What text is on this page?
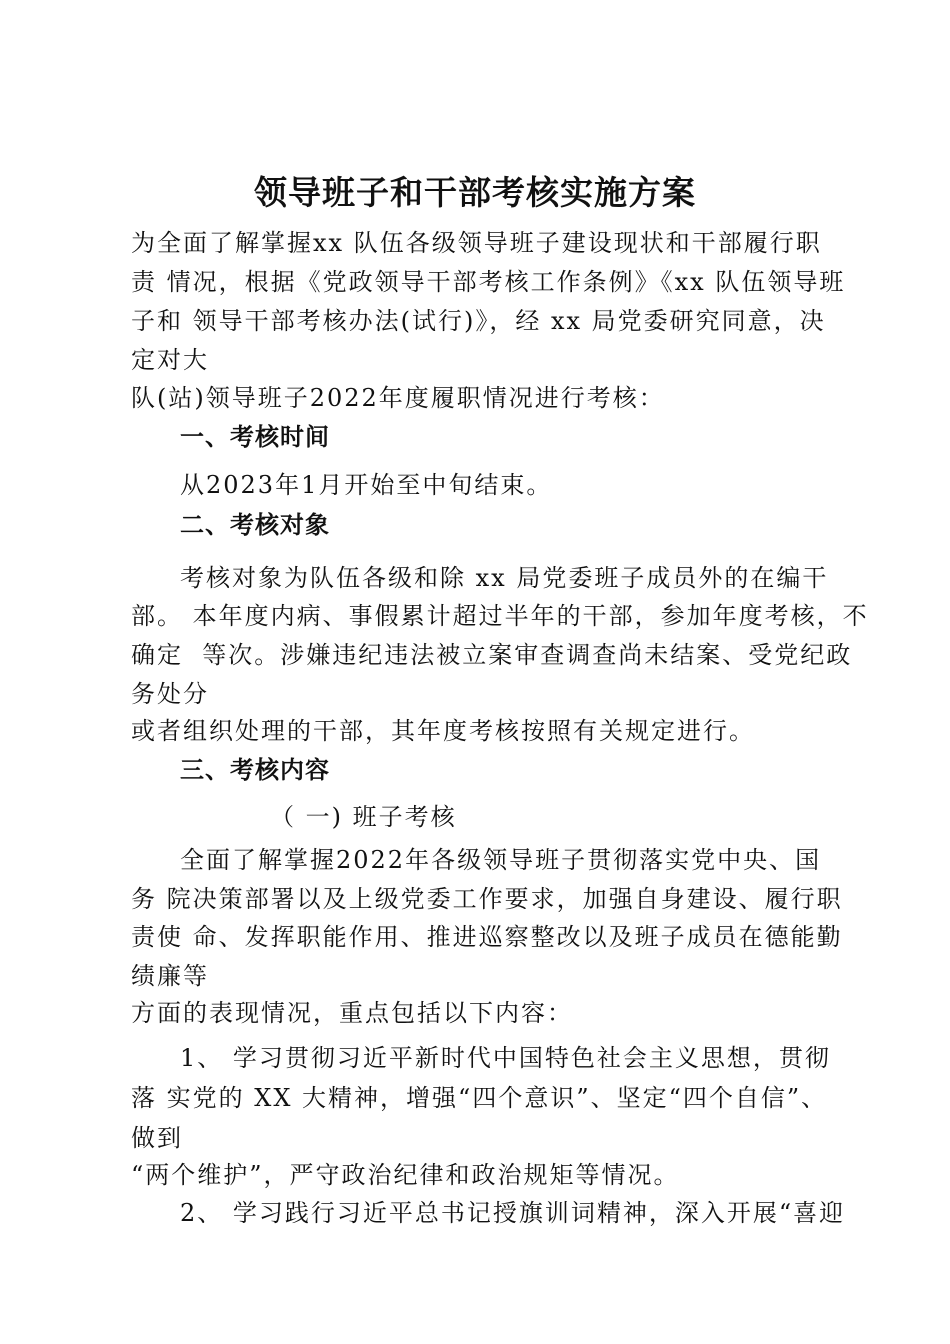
领导班子和干部考核实施方案
为全面了解掌握xx 队伍各级领导班子建设现状和干部履行职
责 情况，根据《党政领导干部考核工作条例》《xx 队伍领导班
子和 领导干部考核办法(试行)》，经 xx 局党委研究同意，决
定对大
队(站)领导班子2022年度履职情况进行考核：
一、考核时间
从2023年1月开始至中旬结束。
二、考核对象
考核对象为队伍各级和除 xx 局党委班子成员外的在编干
部。 本年度内病、事假累计超过半年的干部，参加年度考核，不
确定  等次。涉嫌违纪违法被立案审查调查尚未结案、受党纪政
务处分
或者组织处理的干部，其年度考核按照有关规定进行。
三、考核内容
（ 一) 班子考核
全面了解掌握2022年各级领导班子贯彻落实党中央、国
务 院决策部署以及上级党委工作要求，加强自身建设、履行职
责使 命、发挥职能作用、推进巡察整改以及班子成员在德能勤
绩廉等
方面的表现情况，重点包括以下内容：
1、 学习贯彻习近平新时代中国特色社会主义思想，贯彻
落 实党的 XX 大精神，增强“四个意识”、坚定“四个自信”、
做到
“两个维护”，严守政治纪律和政治规矩等情况。
2、 学习践行习近平总书记授旗训词精神，深入开展“喜迎
